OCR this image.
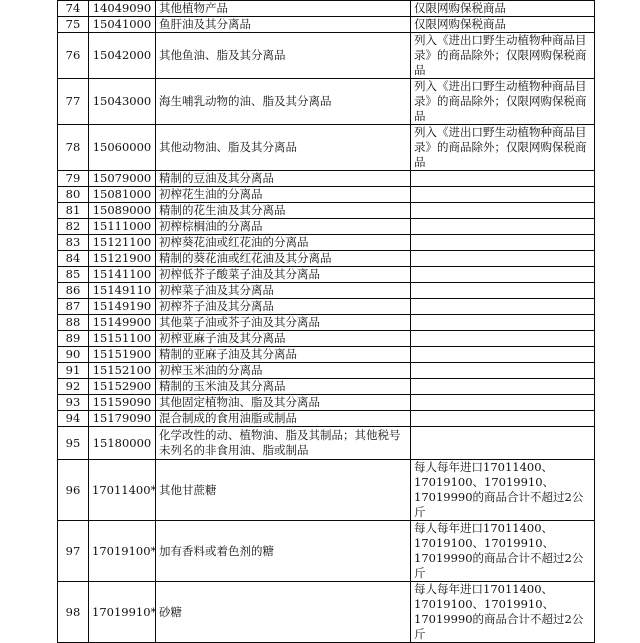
74	14049090	其他植物产品	仅限网购保税商品
75	15041000	鱼肝油及其分离品	仅限网购保税商品
76	15042000	其他鱼油、脂及其分离品	列入《进出口野生动植物种商品目录》的商品除外；仅限网购保税商品
77	15043000	海生哺乳动物的油、脂及其分离品	列入《进出口野生动植物种商品目录》的商品除外；仅限网购保税商品
78	15060000	其他动物油、脂及其分离品	列入《进出口野生动植物种商品目录》的商品除外；仅限网购保税商品
79	15079000	精制的豆油及其分离品	
80	15081000	初榨花生油的分离品	
81	15089000	精制的花生油及其分离品	
82	15111000	初榨棕榈油的分离品	
83	15121100	初榨葵花油或红花油的分离品	
84	15121900	精制的葵花油或红花油及其分离品	
85	15141100	初榨低芥子酸菜子油及其分离品	
86	15149110	初榨菜子油及其分离品	
87	15149190	初榨芥子油及其分离品	
88	15149900	其他菜子油或芥子油及其分离品	
89	15151100	初榨亚麻子油及其分离品	
90	15151900	精制的亚麻子油及其分离品	
91	15152100	初榨玉米油的分离品	
92	15152900	精制的玉米油及其分离品	
93	15159090	其他固定植物油、脂及其分离品	
94	15179090	混合制成的食用油脂或制品	
95	15180000	化学改性的动、植物油、脂及其制品；其他税号未列名的非食用油、脂或制品	
96	17011400*	其他甘蔗糖	每人每年进口17011400、17019100、17019910、17019990的商品合计不超过2公斤
97	17019100*	加有香料或着色剂的糖	每人每年进口17011400、17019100、17019910、17019990的商品合计不超过2公斤
98	17019910*	砂糖	每人每年进口17011400、17019100、17019910、17019990的商品合计不超过2公斤
